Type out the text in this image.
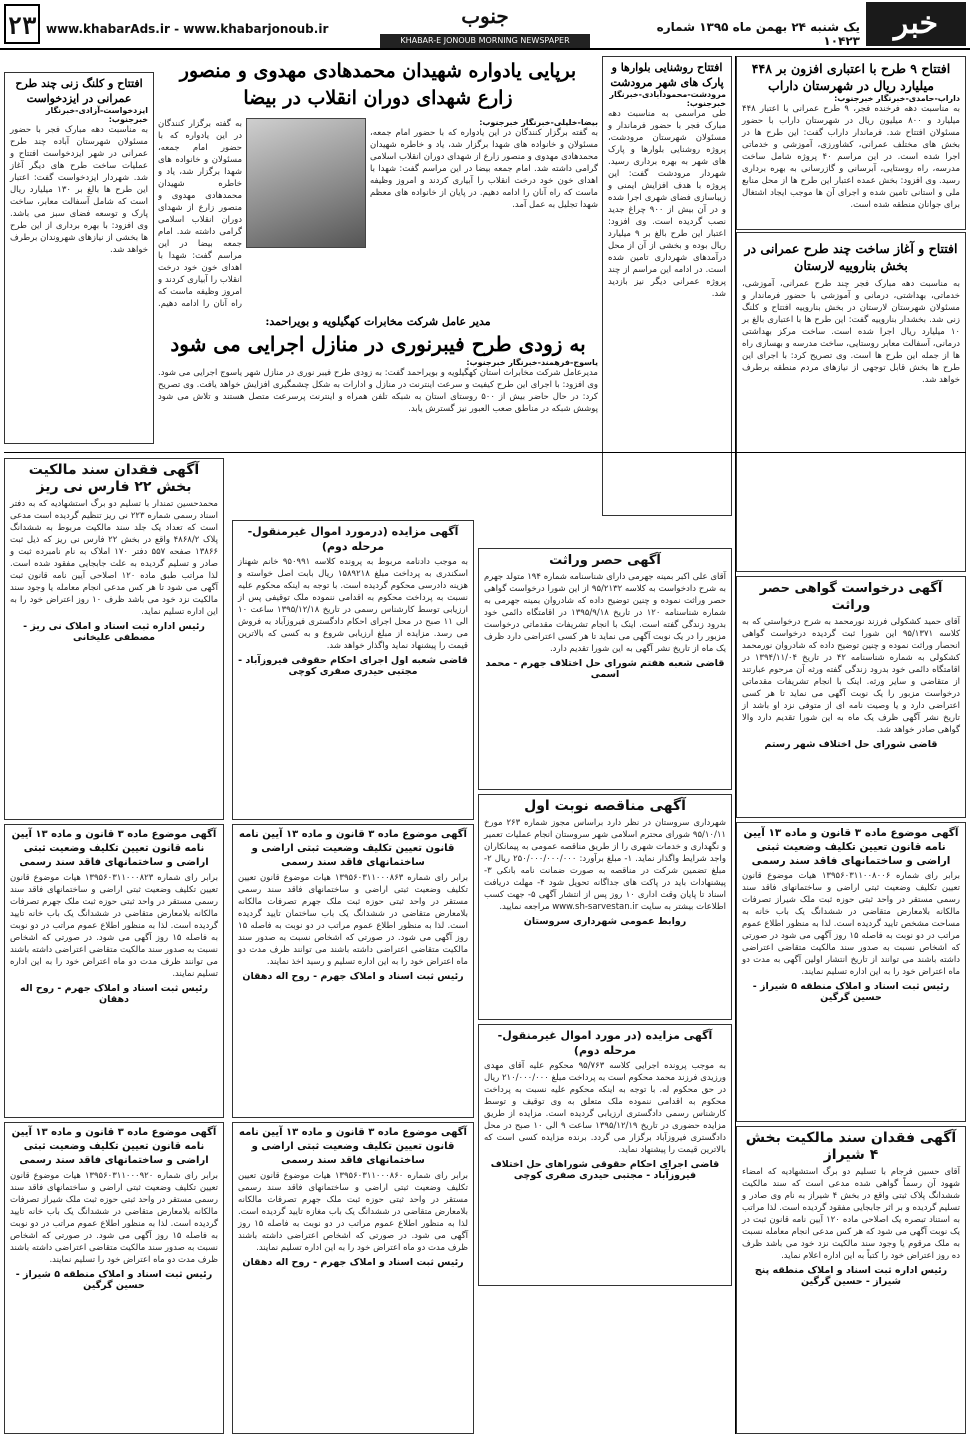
خبر
یک شنبه ۲۴ بهمن ماه ۱۳۹۵ شماره ۱۰۴۲۳
جنوب
KHABAR-E JONOUB MORNING NEWSPAPER
www.khabarAds.ir - www.khabarjonoub.ir
۲۳
افتتاح ۹ طرح با اعتباری افزون بر ۴۴۸ میلیارد ریال در شهرستان داراب
داراب-حامدی-خبرنگار خبرجنوب:
به مناسبت دهه فرخنده فجر، ۹ طرح عمرانی با اعتبار ۴۴۸ میلیارد و ۸۰۰ میلیون ریال در شهرستان داراب با حضور مسئولان افتتاح شد. فرماندار داراب گفت: این طرح ها در بخش های مختلف عمرانی، کشاورزی، آموزشی و خدماتی اجرا شده است. در این مراسم ۴۰ پروژه شامل ساخت مدرسه، راه روستایی، آبرسانی و گازرسانی به بهره برداری رسید. وی افزود: بخش عمده اعتبار این طرح ها از محل منابع ملی و استانی تامین شده و اجرای آن ها موجب ایجاد اشتغال برای جوانان منطقه شده است.
افتتاح و آغاز ساخت چند طرح عمرانی در بخش بناروییه لارستان
به مناسبت دهه مبارک فجر چند طرح عمرانی، آموزشی، خدماتی، بهداشتی، درمانی و آموزشی با حضور فرماندار و مسئولان شهرستان لارستان در بخش بناروییه افتتاح و کلنگ زنی شد. بخشدار بناروییه گفت: این طرح ها با اعتباری بالغ بر ۱۰ میلیارد ریال اجرا شده است. ساخت مرکز بهداشتی درمانی، آسفالت معابر روستایی، ساخت مدرسه و بهسازی راه ها از جمله این طرح ها است. وی تصریح کرد: با اجرای این طرح ها بخش قابل توجهی از نیازهای مردم منطقه برطرف خواهد شد.
آگهی درخواست گواهی حصر وراثت
آقای حمید کشکولی فرزند نورمحمد به شرح درخواستی که به کلاسه ۹۵/۱۳۷۱ این شورا ثبت گردیده درخواست گواهی انحصار وراثت نموده و چنین توضیح داده که شادروان نورمحمد کشکولی به شماره شناسنامه ۴۲ در تاریخ ۱۳۹۴/۱۱/۰۴ در اقامتگاه دائمی خود بدرود زندگی گفته ورثه آن مرحوم عبارتند از متقاضی و سایر ورثه. اینک با انجام تشریفات مقدماتی درخواست مزبور را یک نوبت آگهی می نماید تا هر کسی اعتراضی دارد و یا وصیت نامه ای از متوفی نزد او باشد از تاریخ نشر آگهی ظرف یک ماه به این شورا تقدیم دارد والا گواهی صادر خواهد شد.
قاضی شورای حل اختلاف شهر رستم
آگهی موضوع ماده ۳ قانون و ماده ۱۳ آیین نامه قانون تعیین تکلیف وضعیت ثبتی اراضی و ساختمانهای فاقد سند رسمی
برابر رای شماره ۱۳۹۵۶۰۳۱۱۰۰۸۰۰۶ هیات موضوع قانون تعیین تکلیف وضعیت ثبتی اراضی و ساختمانهای فاقد سند رسمی مستقر در واحد ثبتی حوزه ثبت ملک شیراز تصرفات مالکانه بلامعارض متقاضی در ششدانگ یک باب خانه به مساحت مشخص تایید گردیده است. لذا به منظور اطلاع عموم مراتب در دو نوبت به فاصله ۱۵ روز آگهی می شود در صورتی که اشخاص نسبت به صدور سند مالکیت متقاضی اعتراضی داشته باشند می توانند از تاریخ انتشار اولین آگهی به مدت دو ماه اعتراض خود را به این اداره تسلیم نمایند.
رئیس ثبت اسناد و املاک منطقه ۵ شیراز - حسین گرگین
آگهی فقدان سند مالکیت بخش ۴ شیراز
آقای حسین فرجام با تسلیم دو برگ استشهادیه که امضاء شهود آن رسماً گواهی شده مدعی است که سند مالکیت ششدانگ پلاک ثبتی واقع در بخش ۴ شیراز به نام وی صادر و تسلیم گردیده و بر اثر جابجایی مفقود گردیده است. لذا مراتب به استناد تبصره یک اصلاحی ماده ۱۲۰ آیین نامه قانون ثبت در یک نوبت آگهی می شود که هر کس مدعی انجام معامله نسبت به ملک مرقوم یا وجود سند مالکیت نزد خود می باشد ظرف ده روز اعتراض خود را کتباً به این اداره اعلام نماید.
رئیس اداره ثبت اسناد و املاک منطقه پنج شیراز - حسین گرگین
افتتاح روشنایی بلوارها و پارک های شهر مرودشت
مرودشت-محمودآبادی-خبرنگار خبرجنوب:
طی مراسمی به مناسبت دهه مبارک فجر با حضور فرماندار و مسئولان شهرستان مرودشت، پروژه روشنایی بلوارها و پارک های شهر به بهره برداری رسید. شهردار مرودشت گفت: این پروژه با هدف افزایش ایمنی و زیباسازی فضای شهری اجرا شده و در آن بیش از ۹۰۰ چراغ جدید نصب گردیده است. وی افزود: اعتبار این طرح بالغ بر ۹ میلیارد ریال بوده و بخشی از آن از محل درآمدهای شهرداری تامین شده است. در ادامه این مراسم از چند پروژه عمرانی دیگر نیز بازدید شد.
برپایی یادواره شهیدان محمدهادی مهدوی و منصور زارع شهدای دوران انقلاب در بیضا
بیضا-خلیلی-خبرنگار خبرجنوب:
به گفته برگزار کنندگان در این یادواره که با حضور امام جمعه، مسئولان و خانواده های شهدا برگزار شد، یاد و خاطره شهیدان محمدهادی مهدوی و منصور زارع از شهدای دوران انقلاب اسلامی گرامی داشته شد. امام جمعه بیضا در این مراسم گفت: شهدا با اهدای خون خود درخت انقلاب را آبیاری کردند و امروز وظیفه ماست که راه آنان را ادامه دهیم. در پایان از خانواده های معظم شهدا تجلیل به عمل آمد.
به گفته برگزار کنندگان در این یادواره که با حضور امام جمعه، مسئولان و خانواده های شهدا برگزار شد، یاد و خاطره شهیدان محمدهادی مهدوی و منصور زارع از شهدای دوران انقلاب اسلامی گرامی داشته شد. امام جمعه بیضا در این مراسم گفت: شهدا با اهدای خون خود درخت انقلاب را آبیاری کردند و امروز وظیفه ماست که راه آنان را ادامه دهیم.
مدیر عامل شرکت مخابرات کهگیلویه و بویراحمد:
به زودی طرح فیبرنوری در منازل اجرایی می شود
یاسوج-فرهمند-خبرنگار خبرجنوب:
مدیرعامل شرکت مخابرات استان کهگیلویه و بویراحمد گفت: به زودی طرح فیبر نوری در منازل شهر یاسوج اجرایی می شود. وی افزود: با اجرای این طرح کیفیت و سرعت اینترنت در منازل و ادارات به شکل چشمگیری افزایش خواهد یافت. وی تصریح کرد: در حال حاضر بیش از ۵۰۰ روستای استان به شبکه تلفن همراه و اینترنت پرسرعت متصل هستند و تلاش می شود پوشش شبکه در مناطق صعب العبور نیز گسترش یابد.
افتتاح و کلنگ زنی چند طرح عمرانی در ایزدخواست
ایزدخواست-آزادی-خبرنگار خبرجنوب:
به مناسبت دهه مبارک فجر با حضور مسئولان شهرستان آباده چند طرح عمرانی در شهر ایزدخواست افتتاح و عملیات ساخت طرح های دیگر آغاز شد. شهردار ایزدخواست گفت: اعتبار این طرح ها بالغ بر ۱۳۰ میلیارد ریال است که شامل آسفالت معابر، ساخت پارک و توسعه فضای سبز می باشد. وی افزود: با بهره برداری از این طرح ها بخشی از نیازهای شهروندان برطرف خواهد شد.
آگهی حصر وراثت
آقای علی اکبر بمینه جهرمی دارای شناسنامه شماره ۱۹۴ متولد جهرم به شرح دادخواست به کلاسه ۹۵/۲۱۳۲ از این شورا درخواست گواهی حصر وراثت نموده و چنین توضیح داده که شادروان بمینه جهرمی به شماره شناسنامه ۱۲۰ در تاریخ ۱۳۹۵/۹/۱۸ در اقامتگاه دائمی خود بدرود زندگی گفته است. اینک با انجام تشریفات مقدماتی درخواست مزبور را در یک نوبت آگهی می نماید تا هر کسی اعتراضی دارد ظرف یک ماه از تاریخ نشر آگهی به این شورا تقدیم دارد.
قاضی شعبه هفتم شورای حل اختلاف جهرم - محمد اسمی
آگهی مناقصه نوبت اول
شهرداری سروستان در نظر دارد براساس مجوز شماره ۲۶۳ مورخ ۹۵/۱۰/۱۱ شورای محترم اسلامی شهر سروستان انجام عملیات تعمیر و نگهداری و خدمات شهری را از طریق مناقصه عمومی به پیمانکاران واجد شرایط واگذار نماید. ۱- مبلغ برآورد: ۲۵۰/۰۰۰/۰۰۰/۰۰۰ ریال ۲- مبلغ تضمین شرکت در مناقصه به صورت ضمانت نامه بانکی ۳- پیشنهادات باید در پاکت های جداگانه تحویل شود ۴- مهلت دریافت اسناد تا پایان وقت اداری ۱۰ روز پس از انتشار آگهی ۵- جهت کسب اطلاعات بیشتر به سایت www.sh-sarvestan.ir مراجعه نمایید.
روابط عمومی شهرداری سروستان
آگهی مزایده (در مورد اموال غیرمنقول-مرحله دوم)
به موجب پرونده اجرایی کلاسه ۹۵/۷۶۳ محکوم علیه آقای مهدی ورزیدی فرزند محمد محکوم است به پرداخت مبلغ ۲۱۰/۰۰۰/۰۰۰ ریال در حق محکوم له. با توجه به اینکه محکوم علیه نسبت به پرداخت محکوم به اقدامی ننموده ملک متعلق به وی توقیف و توسط کارشناس رسمی دادگستری ارزیابی گردیده است. مزایده از طریق مزایده حضوری در تاریخ ۱۳۹۵/۱۲/۱۹ ساعت ۹ الی ۱۰ صبح در محل دادگستری فیروزآباد برگزار می گردد. برنده مزایده کسی است که بالاترین قیمت را پیشنهاد نماید.
قاضی اجرای احکام حقوقی شوراهای حل اختلاف فیروزآباد - مجتبی حیدری صفری کوچی
آگهی مزایده (درمورد اموال غیرمنقول-مرحله دوم)
به موجب دادنامه مربوط به پرونده کلاسه ۹۵۰۹۹۱ خانم شهناز اسکندری به پرداخت مبلغ ۱۵۸۹۲۱۸ ریال بابت اصل خواسته و هزینه دادرسی محکوم گردیده است. با توجه به اینکه محکوم علیه نسبت به پرداخت محکوم به اقدامی ننموده ملک توقیفی پس از ارزیابی توسط کارشناس رسمی در تاریخ ۱۳۹۵/۱۲/۱۸ ساعت ۱۰ الی ۱۱ صبح در محل اجرای احکام دادگستری فیروزآباد به فروش می رسد. مزایده از مبلغ ارزیابی شروع و به کسی که بالاترین قیمت را پیشنهاد نماید واگذار خواهد شد.
قاضی شعبه اول اجرای احکام حقوقی فیروزآباد - مجتبی حیدری صفری کوچی
آگهی فقدان سند مالکیت بخش ۲۲ فارس نی ریز
محمدحسین تمندار با تسلیم دو برگ استشهادیه که به دفتر اسناد رسمی شماره ۲۲۳ نی ریز تنظیم گردیده است مدعی است که تعداد یک جلد سند مالکیت مربوط به ششدانگ پلاک ۴۸۶۸/۲ واقع در بخش ۲۲ فارس نی ریز که ذیل ثبت ۱۳۸۶۶ صفحه ۵۵۷ دفتر ۱۷۰ املاک به نام نامبرده ثبت و صادر و تسلیم گردیده به علت جابجایی مفقود شده است. لذا مراتب طبق ماده ۱۲۰ اصلاحی آیین نامه قانون ثبت آگهی می شود تا هر کس مدعی انجام معامله یا وجود سند مالکیت نزد خود می باشد ظرف ۱۰ روز اعتراض خود را به این اداره تسلیم نماید.
رئیس اداره ثبت اسناد و املاک نی ریز - مصطفی علیخانی
آگهی موضوع ماده ۳ قانون و ماده ۱۳ آیین نامه قانون تعیین تکلیف وضعیت ثبتی اراضی و ساختمانهای فاقد سند رسمی
برابر رای شماره ۱۳۹۵۶۰۳۱۱۰۰۰۸۶۳ هیات موضوع قانون تعیین تکلیف وضعیت ثبتی اراضی و ساختمانهای فاقد سند رسمی مستقر در واحد ثبتی حوزه ثبت ملک جهرم تصرفات مالکانه بلامعارض متقاضی در ششدانگ یک باب ساختمان تایید گردیده است. لذا به منظور اطلاع عموم مراتب در دو نوبت به فاصله ۱۵ روز آگهی می شود. در صورتی که اشخاص نسبت به صدور سند مالکیت متقاضی اعتراضی داشته باشند می توانند ظرف مدت دو ماه اعتراض خود را به این اداره تسلیم و رسید اخذ نمایند.
رئیس ثبت اسناد و املاک جهرم - روح اله دهقان
آگهی موضوع ماده ۳ قانون و ماده ۱۳ آیین نامه قانون تعیین تکلیف وضعیت ثبتی اراضی و ساختمانهای فاقد سند رسمی
برابر رای شماره ۱۳۹۵۶۰۳۱۱۰۰۰۸۲۳ هیات موضوع قانون تعیین تکلیف وضعیت ثبتی اراضی و ساختمانهای فاقد سند رسمی مستقر در واحد ثبتی حوزه ثبت ملک جهرم تصرفات مالکانه بلامعارض متقاضی در ششدانگ یک باب خانه تایید گردیده است. لذا به منظور اطلاع عموم مراتب در دو نوبت به فاصله ۱۵ روز آگهی می شود. در صورتی که اشخاص نسبت به صدور سند مالکیت متقاضی اعتراضی داشته باشند می توانند ظرف مدت دو ماه اعتراض خود را به این اداره تسلیم نمایند.
رئیس ثبت اسناد و املاک جهرم - روح اله دهقان
آگهی موضوع ماده ۳ قانون و ماده ۱۳ آیین نامه قانون تعیین تکلیف وضعیت ثبتی اراضی و ساختمانهای فاقد سند رسمی
برابر رای شماره ۱۳۹۵۶۰۳۱۱۰۰۰۸۶۰ هیات موضوع قانون تعیین تکلیف وضعیت ثبتی اراضی و ساختمانهای فاقد سند رسمی مستقر در واحد ثبتی حوزه ثبت ملک جهرم تصرفات مالکانه بلامعارض متقاضی در ششدانگ یک باب مغازه تایید گردیده است. لذا به منظور اطلاع عموم مراتب در دو نوبت به فاصله ۱۵ روز آگهی می شود. در صورتی که اشخاص اعتراضی داشته باشند ظرف مدت دو ماه اعتراض خود را به این اداره تسلیم نمایند.
رئیس ثبت اسناد و املاک جهرم - روح اله دهقان
آگهی موضوع ماده ۳ قانون و ماده ۱۳ آیین نامه قانون تعیین تکلیف وضعیت ثبتی اراضی و ساختمانهای فاقد سند رسمی
برابر رای شماره ۱۳۹۵۶۰۳۱۱۰۰۰۹۲۰ هیات موضوع قانون تعیین تکلیف وضعیت ثبتی اراضی و ساختمانهای فاقد سند رسمی مستقر در واحد ثبتی حوزه ثبت ملک شیراز تصرفات مالکانه بلامعارض متقاضی در ششدانگ یک باب خانه تایید گردیده است. لذا به منظور اطلاع عموم مراتب در دو نوبت به فاصله ۱۵ روز آگهی می شود. در صورتی که اشخاص نسبت به صدور سند مالکیت متقاضی اعتراضی داشته باشند ظرف مدت دو ماه اعتراض خود را تسلیم نمایند.
رئیس ثبت اسناد و املاک منطقه ۵ شیراز - حسین گرگین
